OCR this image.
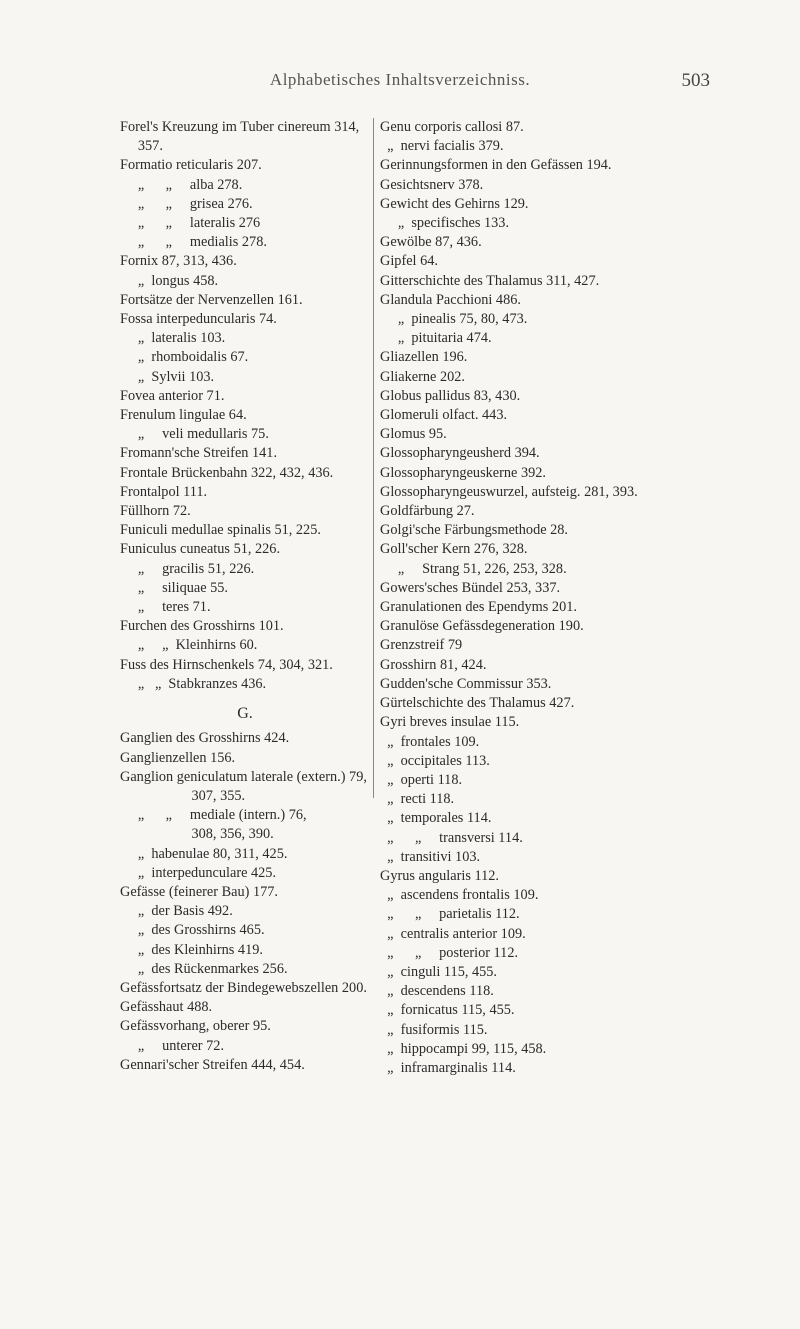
Alphabetisches Inhaltsverzeichniss.	503
Forel's Kreuzung im Tuber cinereum 314,
357.
Formatio reticularis 207.
„      „     alba 278.
„      „     grisea 276.
„      „     lateralis 276
„      „     medialis 278.
Fornix 87, 313, 436.
„  longus 458.
Fortsätze der Nervenzellen 161.
Fossa interpeduncularis 74.
„  lateralis 103.
„  rhomboidalis 67.
„  Sylvii 103.
Fovea anterior 71.
Frenulum lingulae 64.
„     veli medullaris 75.
Fromann'sche Streifen 141.
Frontale Brückenbahn 322, 432, 436.
Frontalpol 111.
Füllhorn 72.
Funiculi medullae spinalis 51, 225.
Funiculus cuneatus 51, 226.
„     gracilis 51, 226.
„     siliquae 55.
„     teres 71.
Furchen des Grosshirns 101.
„     „  Kleinhirns 60.
Fuss des Hirnschenkels 74, 304, 321.
„   „  Stabkranzes 436.
G.
Ganglien des Grosshirns 424.
Ganglienzellen 156.
Ganglion geniculatum laterale (extern.) 79,
307, 355.
„      „     mediale (intern.) 76,
308, 356, 390.
„  habenulae 80, 311, 425.
„  interpedunculare 425.
Gefässe (feinerer Bau) 177.
„  der Basis 492.
„  des Grosshirns 465.
„  des Kleinhirns 419.
„  des Rückenmarkes 256.
Gefässfortsatz der Bindegewebszellen 200.
Gefässhaut 488.
Gefässvorhang, oberer 95.
„     unterer 72.
Gennari'scher Streifen 444, 454.
Genu corporis callosi 87.
„  nervi facialis 379.
Gerinnungsformen in den Gefässen 194.
Gesichtsnerv 378.
Gewicht des Gehirns 129.
„  specifisches 133.
Gewölbe 87, 436.
Gipfel 64.
Gitterschichte des Thalamus 311, 427.
Glandula Pacchioni 486.
„  pinealis 75, 80, 473.
„  pituitaria 474.
Gliazellen 196.
Gliakerne 202.
Globus pallidus 83, 430.
Glomeruli olfact. 443.
Glomus 95.
Glossopharyngeusherd 394.
Glossopharyngeuskerne 392.
Glossopharyngeuswurzel, aufsteig. 281, 393.
Goldfärbung 27.
Golgi'sche Färbungsmethode 28.
Goll'scher Kern 276, 328.
„     Strang 51, 226, 253, 328.
Gowers'sches Bündel 253, 337.
Granulationen des Ependyms 201.
Granulöse Gefässdegeneration 190.
Grenzstreif 79
Grosshirn 81, 424.
Gudden'sche Commissur 353.
Gürtelschichte des Thalamus 427.
Gyri breves insulae 115.
„  frontales 109.
„  occipitales 113.
„  operti 118.
„  recti 118.
„  temporales 114.
„      „     transversi 114.
„  transitivi 103.
Gyrus angularis 112.
„  ascendens frontalis 109.
„      „     parietalis 112.
„  centralis anterior 109.
„      „     posterior 112.
„  cinguli 115, 455.
„  descendens 118.
„  fornicatus 115, 455.
„  fusiformis 115.
„  hippocampi 99, 115, 458.
„  inframarginalis 114.
